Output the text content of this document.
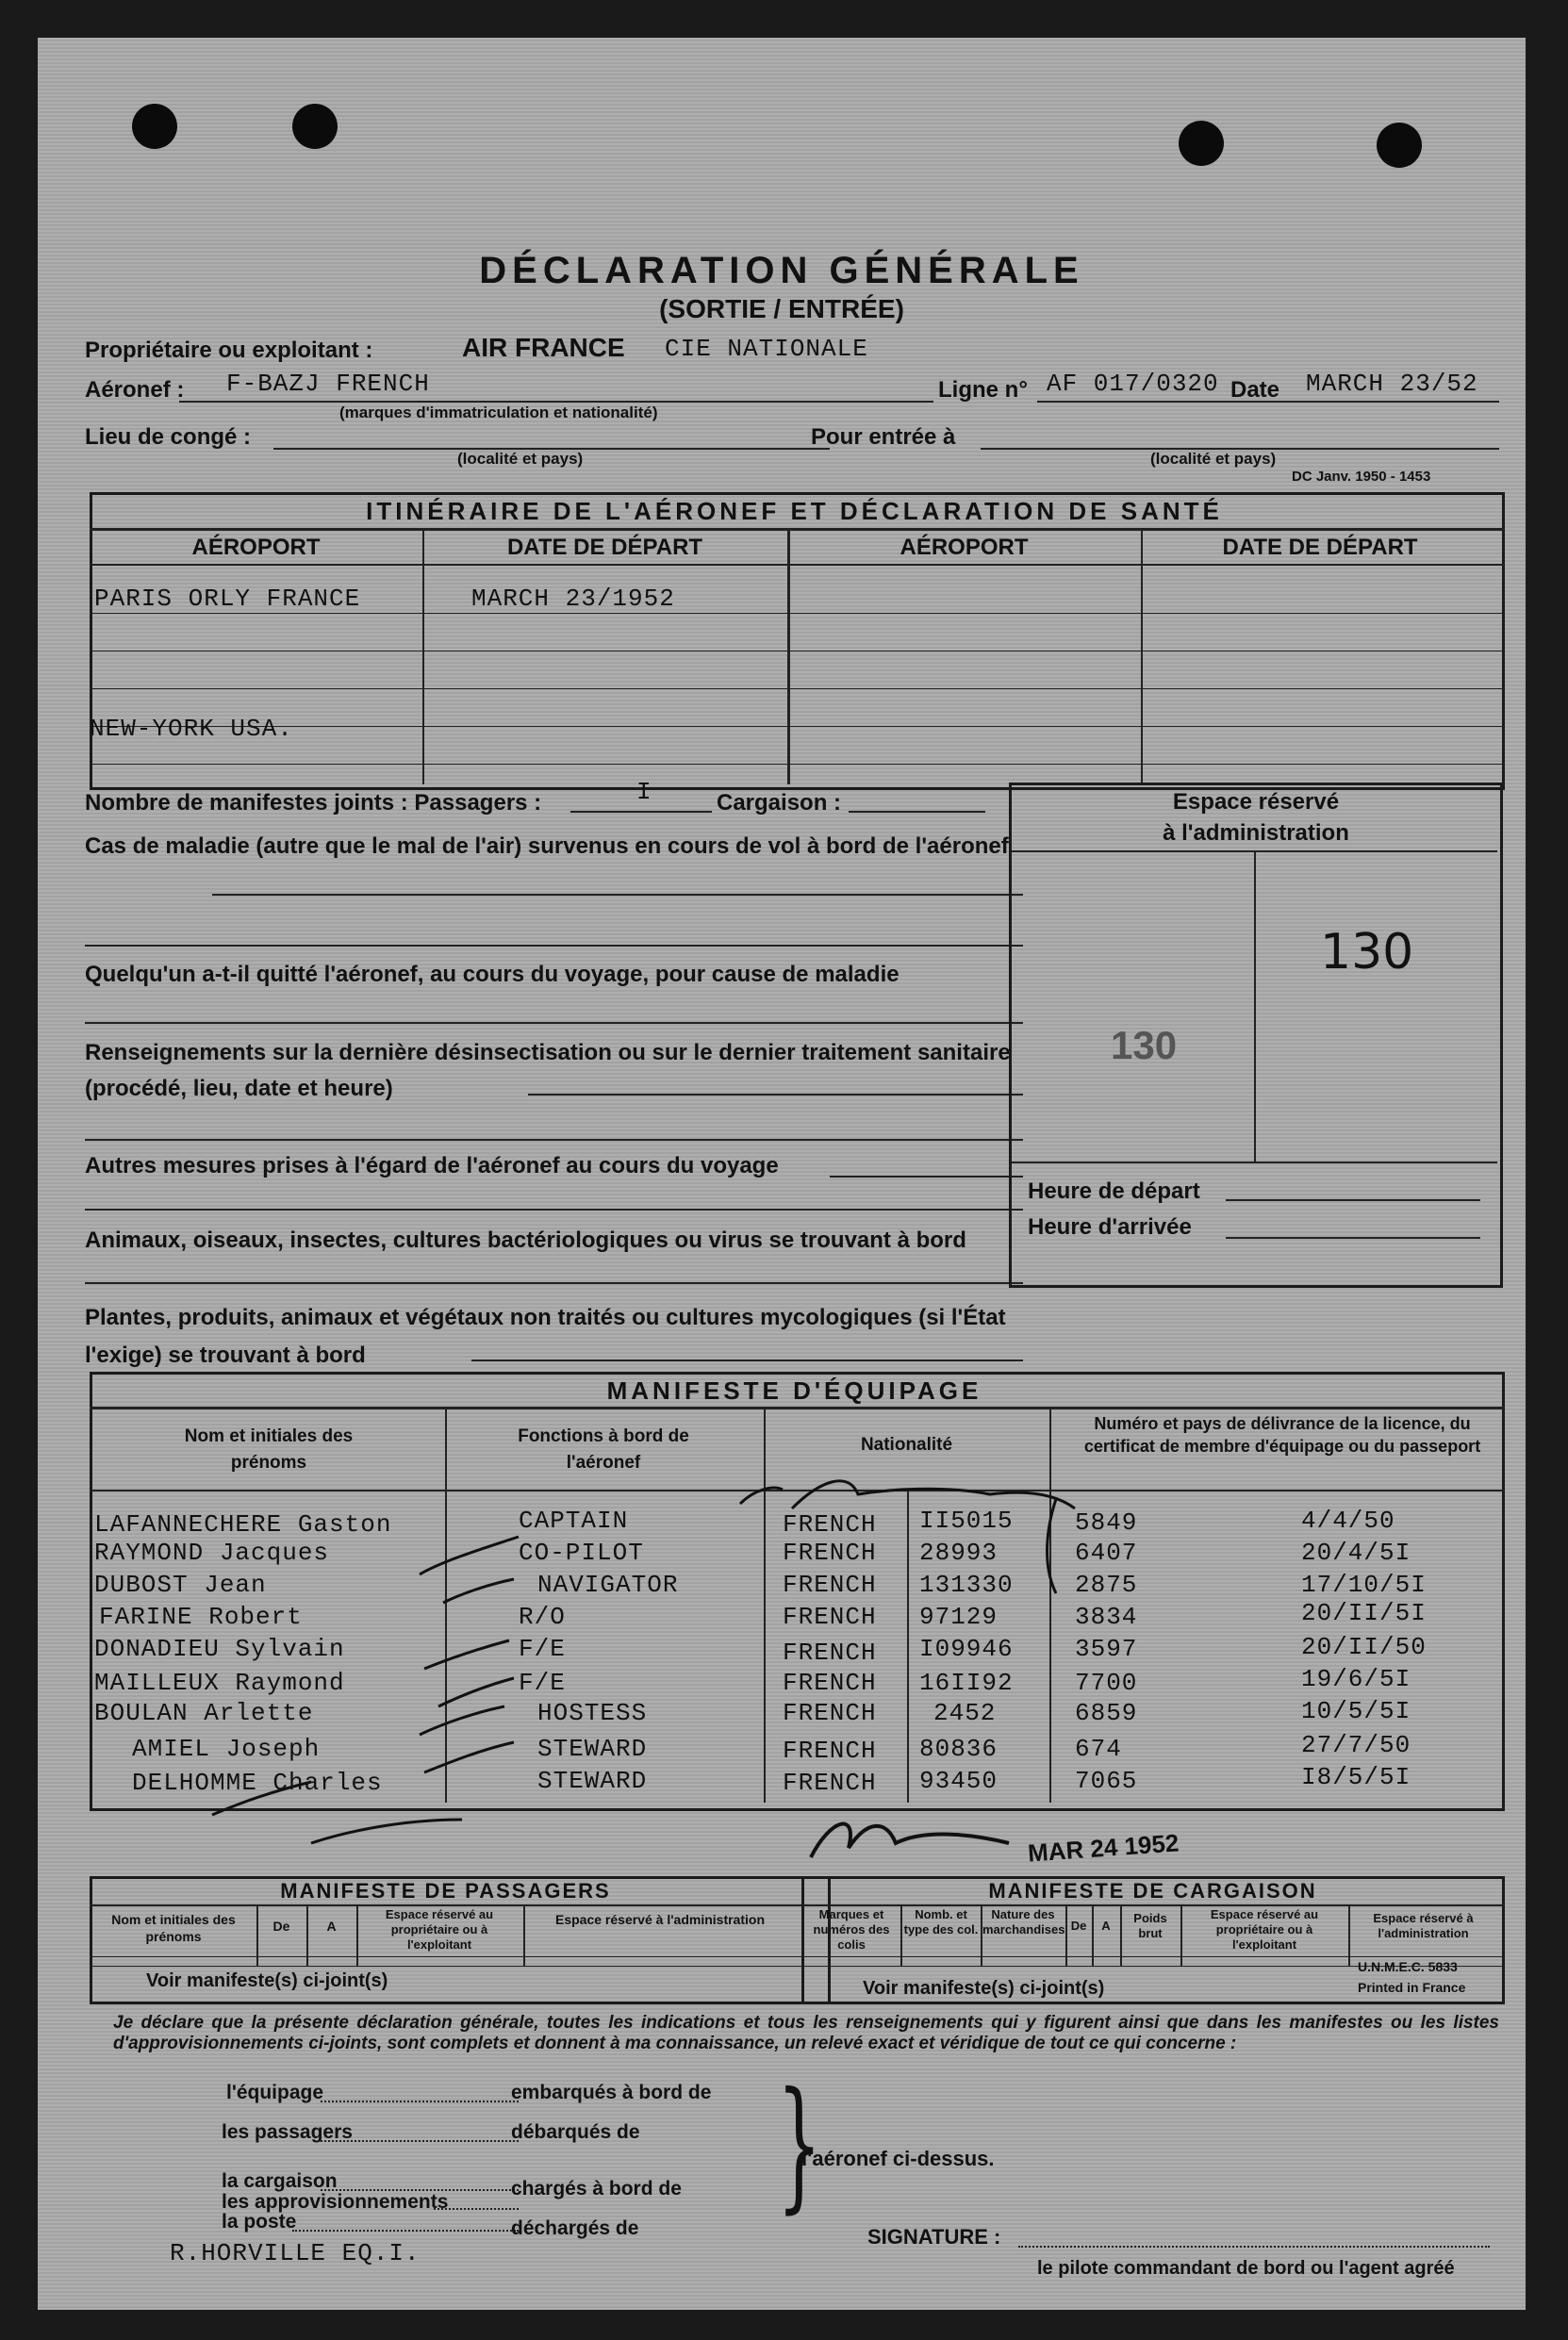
DÉCLARATION GÉNÉRALE
(SORTIE / ENTRÉE)
Propriétaire ou exploitant :	AIR FRANCE CIE NATIONALE
Aéronef : F-BAZJ FRENCH
(marques d'immatriculation et nationalité)
Ligne n° AF 017/0320 Date MARCH 23/52
Lieu de congé :
(localité et pays)
Pour entrée à
(localité et pays)
DC Janv. 1950 - 1453
ITINÉRAIRE DE L'AÉRONEF ET DÉCLARATION DE SANTÉ
AÉROPORT	DATE DE DÉPART	AÉROPORT	DATE DE DÉPART
PARIS ORLY FRANCE	MARCH 23/1952
NEW-YORK USA.
Nombre de manifestes joints : Passagers :	I	Cargaison :
Cas de maladie (autre que le mal de l'air) survenus en cours de vol à bord de l'aéronef
Quelqu'un a-t-il quitté l'aéronef, au cours du voyage, pour cause de maladie
Renseignements sur la dernière désinsectisation ou sur le dernier traitement sanitaire (procédé, lieu, date et heure)
Autres mesures prises à l'égard de l'aéronef au cours du voyage
Animaux, oiseaux, insectes, cultures bactériologiques ou virus se trouvant à bord
Plantes, produits, animaux et végétaux non traités ou cultures mycologiques (si l'État l'exige) se trouvant à bord
Espace réservé
à l'administration
130
130
Heure de départ
Heure d'arrivée
MANIFESTE D'ÉQUIPAGE
Nom et initiales des prénoms
Fonctions à bord de l'aéronef
Nationalité
Numéro et pays de délivrance de la licence, du certificat de membre d'équipage ou du passeport
LAFANNECHERE Gaston	CAPTAIN	FRENCH II5015	5849	4/4/50
RAYMOND Jacques	CO-PILOT	FRENCH 28993	6407	20/4/5I
DUBOST Jean	NAVIGATOR	FRENCH 131330	2875	17/10/5I
FARINE Robert	R/O	FRENCH 97129	3834	20/II/5I
DONADIEU Sylvain	F/E	FRENCH I09946	3597	20/II/50
MAILLEUX Raymond	F/E	FRENCH 16II92	7700	19/6/5I
BOULAN Arlette	HOSTESS	FRENCH 2452	6859	10/5/5I
AMIEL Joseph	STEWARD	FRENCH 80836	674	27/7/50
DELHOMME Charles	STEWARD	FRENCH 93450	7065	I8/5/5I
MAR 24 1952
MANIFESTE DE PASSAGERS	MANIFESTE DE CARGAISON
Nom et initiales des prénoms
De	A
Espace réservé au propriétaire ou à l'exploitant
Espace réservé à l'administration
Voir manifeste(s) ci-joint(s)
Marques et numéros des colis
Nomb. et type des col.
Nature des marchandises De	A
Poids brut
Espace réservé au propriétaire ou à l'exploitant
Espace réservé à l'administration
U.N.M.E.C. 5833
Voir manifeste(s) ci-joint(s)	Printed in France
Je déclare que la présente déclaration générale, toutes les indications et tous les renseignements qui y figurent ainsi que dans les manifestes ou les listes d'approvisionnements ci-joints, sont complets et donnent à ma connaissance, un relevé exact et véridique de tout ce qui concerne :
l'équipage
les passagers
la cargaison
les approvisionnements
la poste
embarqués à bord de
débarqués de
chargés à bord de
déchargés de
}
l'aéronef ci-dessus.
R.HORVILLE EQ.I.
SIGNATURE :
le pilote commandant de bord ou l'agent agréé
